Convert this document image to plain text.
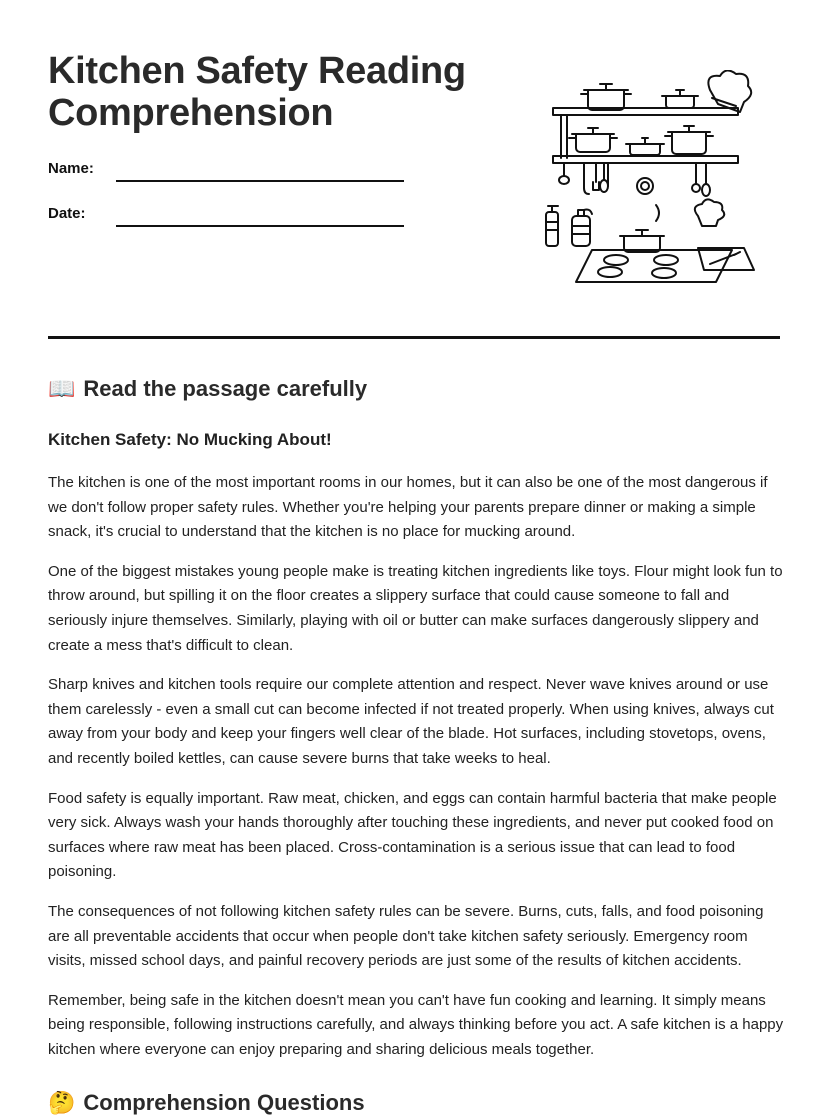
Kitchen Safety Reading
Comprehension
Name:
Date:
📖 Read the passage carefully
Kitchen Safety: No Mucking About!

The kitchen is one of the most important rooms in our homes, but it can also be one of the most dangerous if we don't follow proper safety rules. Whether you're helping your parents prepare dinner or making a simple snack, it's crucial to understand that the kitchen is no place for mucking around.

One of the biggest mistakes young people make is treating kitchen ingredients like toys. Flour might look fun to throw around, but spilling it on the floor creates a slippery surface that could cause someone to fall and seriously injure themselves. Similarly, playing with oil or butter can make surfaces dangerously slippery and create a mess that's difficult to clean.

Sharp knives and kitchen tools require our complete attention and respect. Never wave knives around or use them carelessly - even a small cut can become infected if not treated properly. When using knives, always cut away from your body and keep your fingers well clear of the blade. Hot surfaces, including stovetops, ovens, and recently boiled kettles, can cause severe burns that take weeks to heal.

Food safety is equally important. Raw meat, chicken, and eggs can contain harmful bacteria that make people very sick. Always wash your hands thoroughly after touching these ingredients, and never put cooked food on surfaces where raw meat has been placed. Cross-contamination is a serious issue that can lead to food poisoning.

The consequences of not following kitchen safety rules can be severe. Burns, cuts, falls, and food poisoning are all preventable accidents that occur when people don't take kitchen safety seriously. Emergency room visits, missed school days, and painful recovery periods are just some of the results of kitchen accidents.

Remember, being safe in the kitchen doesn't mean you can't have fun cooking and learning. It simply means being responsible, following instructions carefully, and always thinking before you act. A safe kitchen is a happy kitchen where everyone can enjoy preparing and sharing delicious meals together.

🤔 Comprehension Questions
